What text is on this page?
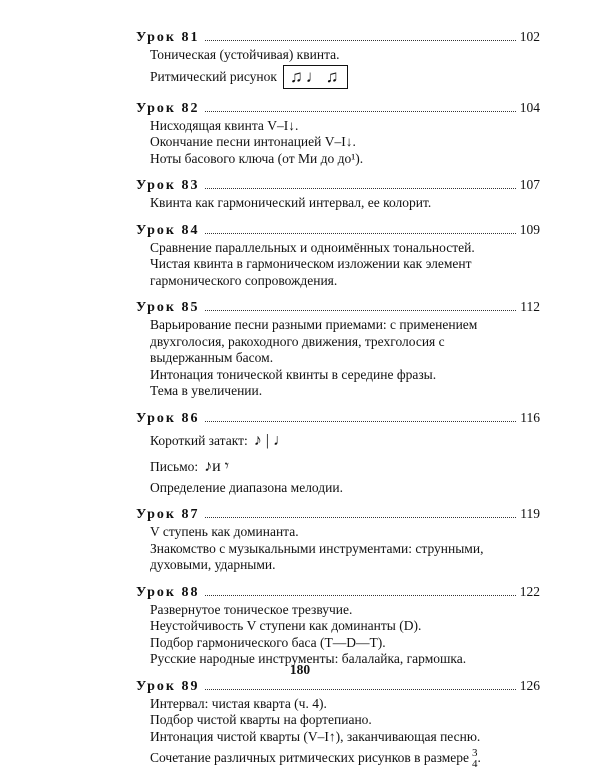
Урок 81	102
Тоническая (устойчивая) квинта.
Ритмический рисунок ♫♩♫
Урок 82	104
Нисходящая квинта V–I↓.
Окончание песни интонацией V–I↓.
Ноты басового ключа (от Ми до до¹).
Урок 83	107
Квинта как гармонический интервал, ее колорит.
Урок 84	109
Сравнение параллельных и одноимённых тональностей.
Чистая квинта в гармоническом изложении как элемент
гармонического сопровождения.
Урок 85	112
Варьирование песни разными приемами: с применением
двухголосия, ракоходного движения, трехголосия с
выдержанным басом.
Интонация тонической квинты в середине фразы.
Тема в увеличении.
Урок 86	116
Короткий затакт: ♪ | ♩
Письмо: ♪и 𝄾
Определение диапазона мелодии.
Урок 87	119
V ступень как доминанта.
Знакомство с музыкальными инструментами: струнными,
духовыми, ударными.
Урок 88	122
Развернутое тоническое трезвучие.
Неустойчивость V ступени как доминанты (D).
Подбор гармонического баса (T—D—T).
Русские народные инструменты: балалайка, гармошка.
Урок 89	126
Интервал: чистая кварта (ч. 4).
Подбор чистой кварты на фортепиано.
Интонация чистой кварты (V–I↑), заканчивающая песню.
Сочетание различных ритмических рисунков в размере 3
4 .
180
